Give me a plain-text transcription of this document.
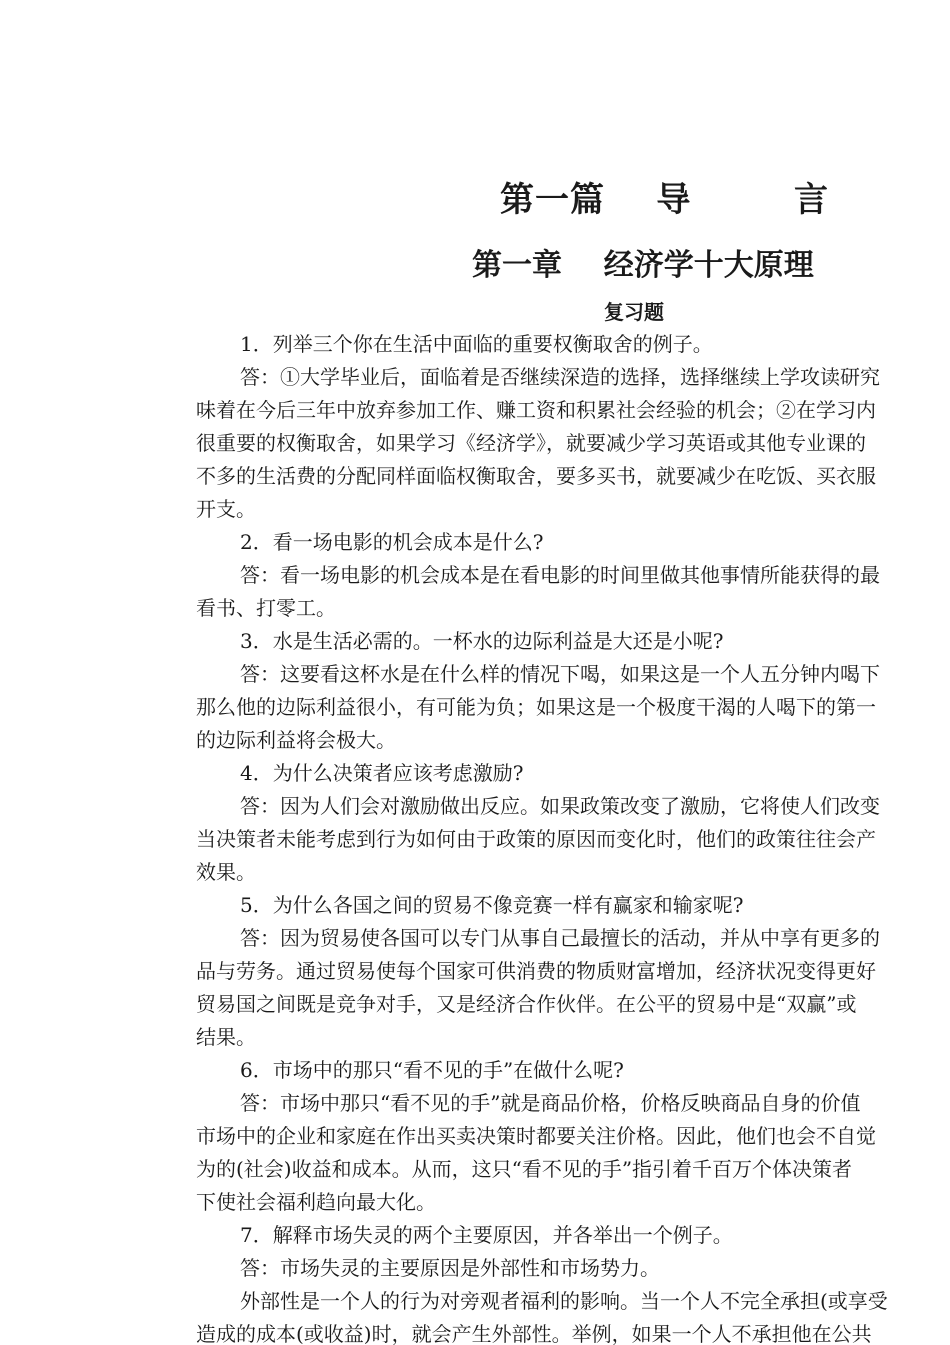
第一篇    导        言
第一章    经济学十大原理
复习题

1．列举三个你在生活中面临的重要权衡取舍的例子。

答：①大学毕业后，面临着是否继续深造的选择，选择继续上学攻读研究
味着在今后三年中放弃参加工作、赚工资和积累社会经验的机会；②在学习内
很重要的权衡取舍，如果学习《经济学》，就要减少学习英语或其他专业课的
不多的生活费的分配同样面临权衡取舍，要多买书，就要减少在吃饭、买衣服
开支。

2．看一场电影的机会成本是什么?

答：看一场电影的机会成本是在看电影的时间里做其他事情所能获得的最
看书、打零工。

3．水是生活必需的。一杯水的边际利益是大还是小呢?

答：这要看这杯水是在什么样的情况下喝，如果这是一个人五分钟内喝下
那么他的边际利益很小，有可能为负；如果这是一个极度干渴的人喝下的第一
的边际利益将会极大。

4．为什么决策者应该考虑激励?

答：因为人们会对激励做出反应。如果政策改变了激励，它将使人们改变
当决策者未能考虑到行为如何由于政策的原因而变化时，他们的政策往往会产
效果。

5．为什么各国之间的贸易不像竞赛一样有赢家和输家呢?

答：因为贸易使各国可以专门从事自己最擅长的活动，并从中享有更多的
品与劳务。通过贸易使每个国家可供消费的物质财富增加，经济状况变得更好
贸易国之间既是竞争对手，又是经济合作伙伴。在公平的贸易中是“双赢”或
结果。

6．市场中的那只“看不见的手”在做什么呢?

答：市场中那只“看不见的手”就是商品价格，价格反映商品自身的价值
市场中的企业和家庭在作出买卖决策时都要关注价格。因此，他们也会不自觉
为的(社会)收益和成本。从而，这只“看不见的手”指引着千百万个体决策者
下使社会福利趋向最大化。

7．解释市场失灵的两个主要原因，并各举出一个例子。

答：市场失灵的主要原因是外部性和市场势力。

外部性是一个人的行为对旁观者福利的影响。当一个人不完全承担(或享受
造成的成本(或收益)时，就会产生外部性。举例，如果一个人不承担他在公共
